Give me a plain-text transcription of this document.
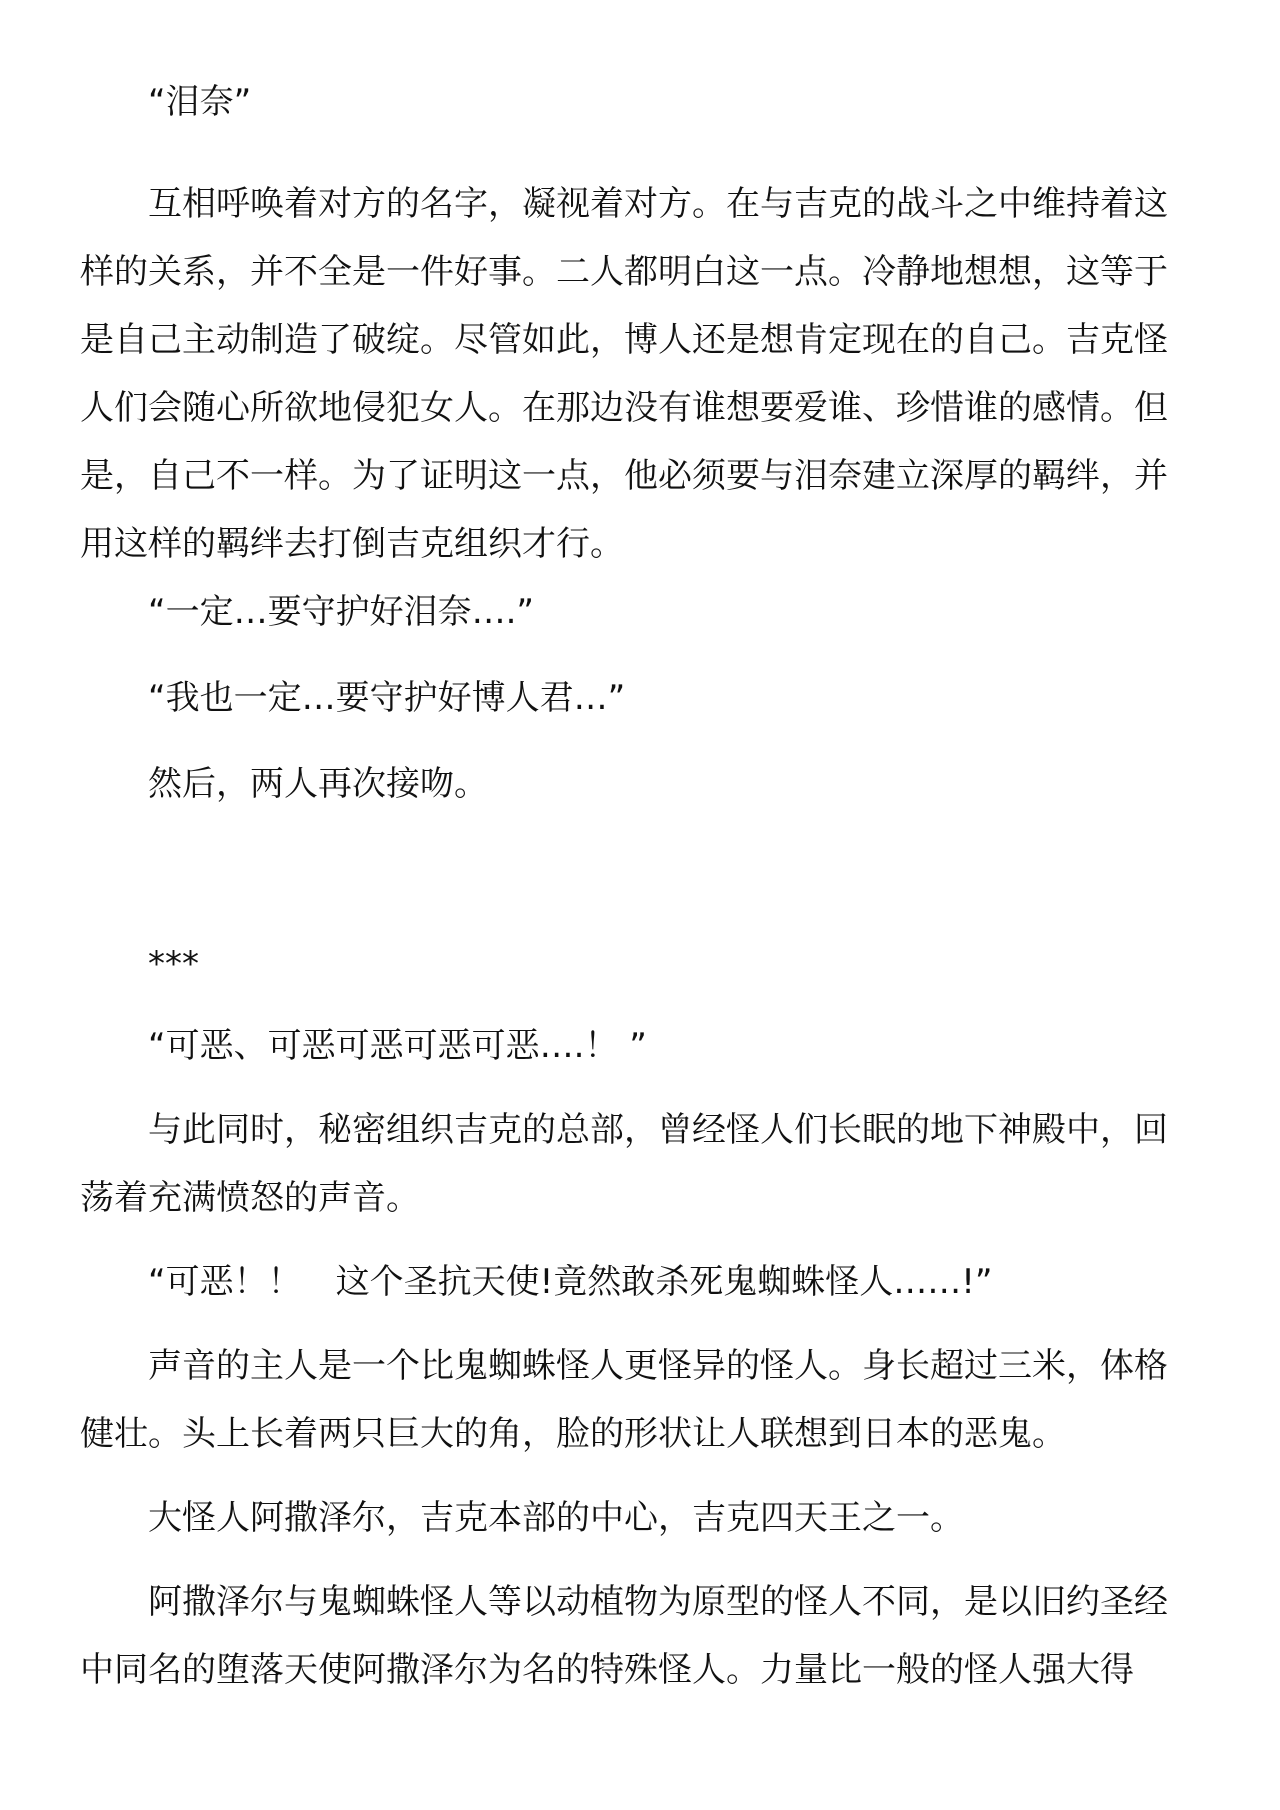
“泪奈”

互相呼唤着对方的名字，凝视着对方。在与吉克的战斗之中维持着这样的关系，并不全是一件好事。二人都明白这一点。冷静地想想，这等于是自己主动制造了破绽。尽管如此，博人还是想肯定现在的自己。吉克怪人们会随心所欲地侵犯女人。在那边没有谁想要爱谁、珍惜谁的感情。但是，自己不一样。为了证明这一点，他必须要与泪奈建立深厚的羁绊，并用这样的羁绊去打倒吉克组织才行。

“一定…要守护好泪奈….”

“我也一定…要守护好博人君…”

然后，两人再次接吻。

***

“可恶、可恶可恶可恶可恶….！ ”

与此同时，秘密组织吉克的总部，曾经怪人们长眠的地下神殿中，回荡着充满愤怒的声音。

“可恶！！　这个圣抗天使!竟然敢杀死鬼蜘蛛怪人……!”

声音的主人是一个比鬼蜘蛛怪人更怪异的怪人。身长超过三米，体格健壮。头上长着两只巨大的角，脸的形状让人联想到日本的恶鬼。

大怪人阿撒泽尔，吉克本部的中心，吉克四天王之一。

阿撒泽尔与鬼蜘蛛怪人等以动植物为原型的怪人不同，是以旧约圣经中同名的堕落天使阿撒泽尔为名的特殊怪人。力量比一般的怪人强大得
